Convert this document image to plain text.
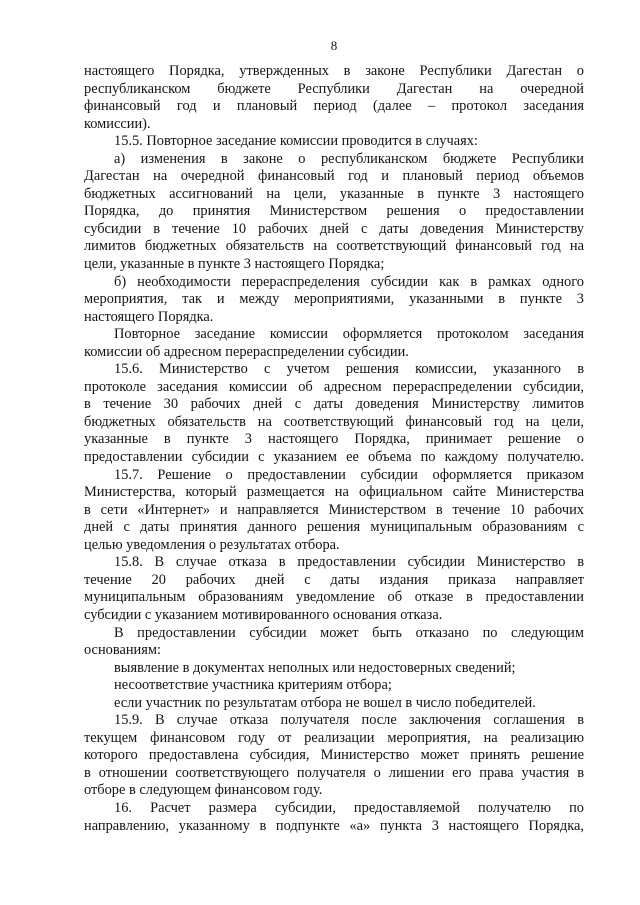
8
настоящего Порядка, утвержденных в законе Республики Дагестан о
республиканском бюджете Республики Дагестан на очередной
финансовый год и плановый период (далее – протокол заседания
комиссии).
15.5. Повторное заседание комиссии проводится в случаях:
а) изменения в законе о республиканском бюджете Республики
Дагестан на очередной финансовый год и плановый период объемов
бюджетных ассигнований на цели, указанные в пункте 3 настоящего
Порядка, до принятия Министерством решения о предоставлении
субсидии в течение 10 рабочих дней с даты доведения Министерству
лимитов бюджетных обязательств на соответствующий финансовый год на
цели, указанные в пункте 3 настоящего Порядка;
б) необходимости перераспределения субсидии как в рамках одного
мероприятия, так и между мероприятиями, указанными в пункте 3
настоящего Порядка.
Повторное заседание комиссии оформляется протоколом заседания
комиссии об адресном перераспределении субсидии.
15.6. Министерство с учетом решения комиссии, указанного в
протоколе заседания комиссии об адресном перераспределении субсидии,
в течение 30 рабочих дней с даты доведения Министерству лимитов
бюджетных обязательств на соответствующий финансовый год на цели,
указанные в пункте 3 настоящего Порядка, принимает решение о
предоставлении субсидии с указанием ее объема по каждому получателю.
15.7. Решение о предоставлении субсидии оформляется приказом
Министерства, который размещается на официальном сайте Министерства
в сети «Интернет» и направляется Министерством в течение 10 рабочих
дней с даты принятия данного решения муниципальным образованиям с
целью уведомления о результатах отбора.
15.8. В случае отказа в предоставлении субсидии Министерство в
течение 20 рабочих дней с даты издания приказа направляет
муниципальным образованиям уведомление об отказе в предоставлении
субсидии с указанием мотивированного основания отказа.
В предоставлении субсидии может быть отказано по следующим
основаниям:
выявление в документах неполных или недостоверных сведений;
несоответствие участника критериям отбора;
если участник по результатам отбора не вошел в число победителей.
15.9. В случае отказа получателя после заключения соглашения в
текущем финансовом году от реализации мероприятия, на реализацию
которого предоставлена субсидия, Министерство может принять решение
в отношении соответствующего получателя о лишении его права участия в
отборе в следующем финансовом году.
16. Расчет размера субсидии, предоставляемой получателю по
направлению, указанному в подпункте «а» пункта 3 настоящего Порядка,
